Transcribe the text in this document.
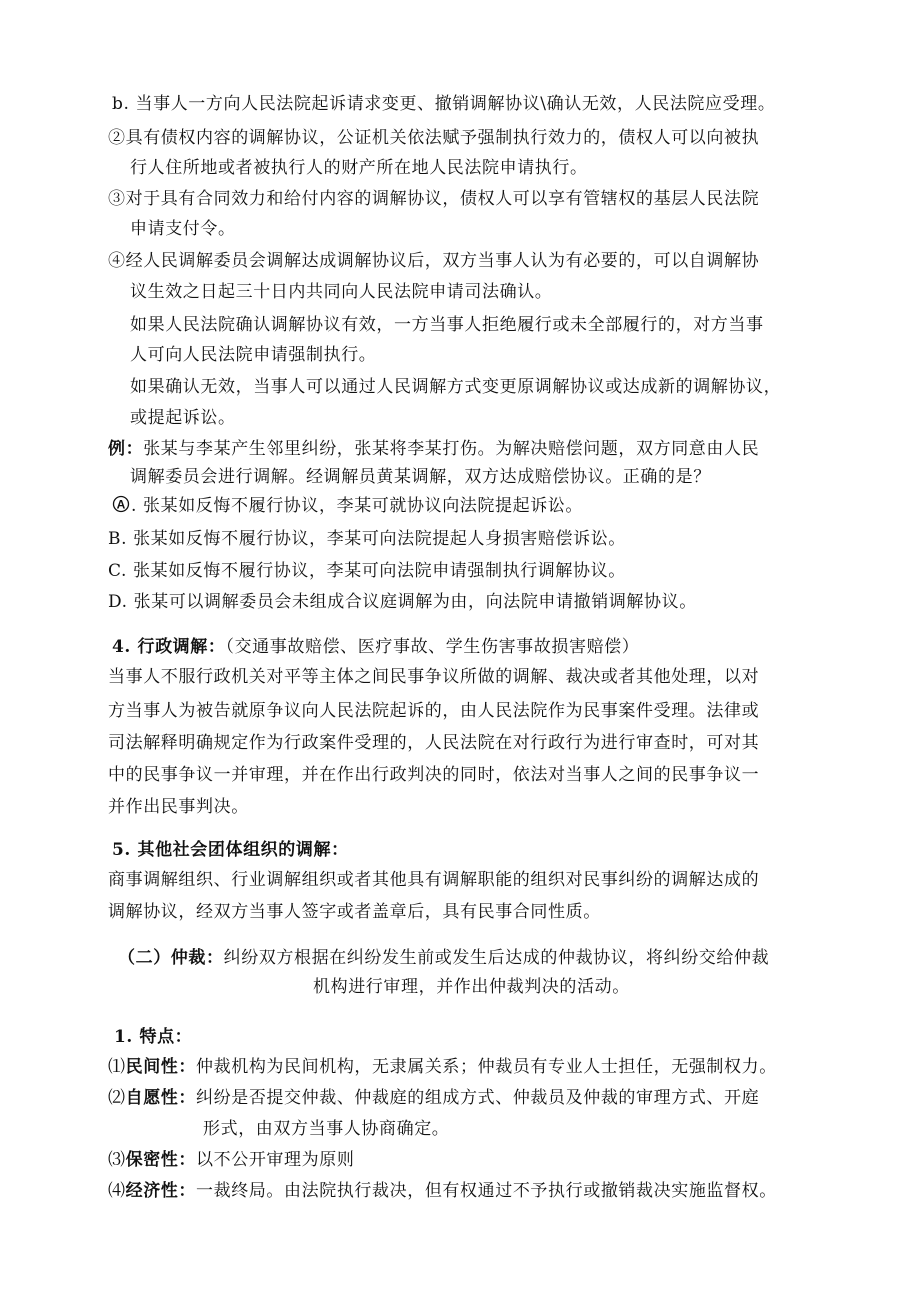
b. 当事人一方向人民法院起诉请求变更、撤销调解协议\确认无效，人民法院应受理。
②具有债权内容的调解协议，公证机关依法赋予强制执行效力的，债权人可以向被执
行人住所地或者被执行人的财产所在地人民法院申请执行。
③对于具有合同效力和给付内容的调解协议，债权人可以享有管辖权的基层人民法院
申请支付令。
④经人民调解委员会调解达成调解协议后，双方当事人认为有必要的，可以自调解协
议生效之日起三十日内共同向人民法院申请司法确认。
如果人民法院确认调解协议有效，一方当事人拒绝履行或未全部履行的，对方当事
人可向人民法院申请强制执行。
如果确认无效，当事人可以通过人民调解方式变更原调解协议或达成新的调解协议，
或提起诉讼。
例：张某与李某产生邻里纠纷，张某将李某打伤。为解决赔偿问题，双方同意由人民
调解委员会进行调解。经调解员黄某调解，双方达成赔偿协议。正确的是？
A . 张某如反悔不履行协议，李某可就协议向法院提起诉讼。
B. 张某如反悔不履行协议，李某可向法院提起人身损害赔偿诉讼。
C. 张某如反悔不履行协议，李某可向法院申请强制执行调解协议。
D. 张某可以调解委员会未组成合议庭调解为由，向法院申请撤销调解协议。
4. 行政调解：（交通事故赔偿、医疗事故、学生伤害事故损害赔偿）
当事人不服行政机关对平等主体之间民事争议所做的调解、裁决或者其他处理，以对
方当事人为被告就原争议向人民法院起诉的，由人民法院作为民事案件受理。法律或
司法解释明确规定作为行政案件受理的，人民法院在对行政行为进行审查时，可对其
中的民事争议一并审理，并在作出行政判决的同时，依法对当事人之间的民事争议一
并作出民事判决。
5. 其他社会团体组织的调解：
商事调解组织、行业调解组织或者其他具有调解职能的组织对民事纠纷的调解达成的
调解协议，经双方当事人签字或者盖章后，具有民事合同性质。
（二）仲裁：纠纷双方根据在纠纷发生前或发生后达成的仲裁协议，将纠纷交给仲裁
机构进行审理，并作出仲裁判决的活动。
1. 特点：
⑴民间性：仲裁机构为民间机构，无隶属关系；仲裁员有专业人士担任，无强制权力。
⑵自愿性：纠纷是否提交仲裁、仲裁庭的组成方式、仲裁员及仲裁的审理方式、开庭
形式，由双方当事人协商确定。
⑶保密性：以不公开审理为原则
⑷经济性：一裁终局。由法院执行裁决，但有权通过不予执行或撤销裁决实施监督权。
